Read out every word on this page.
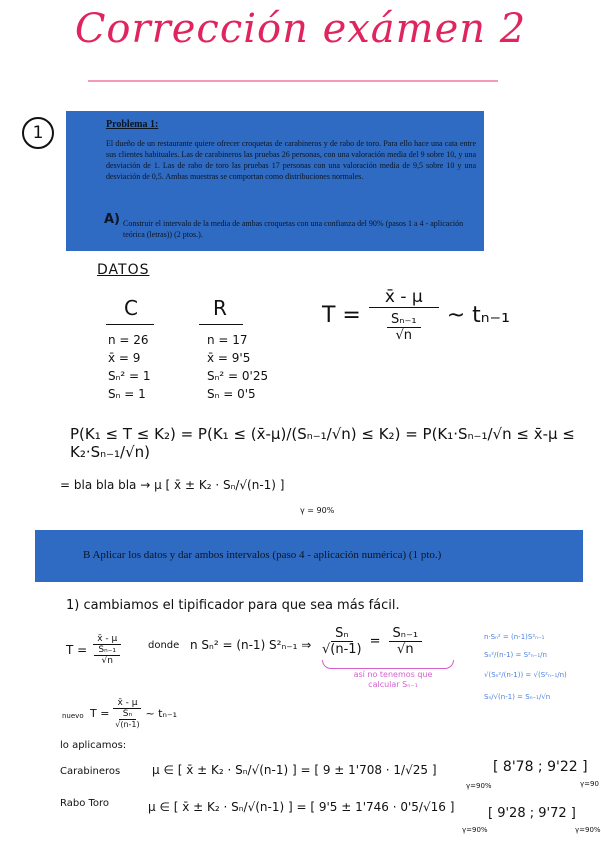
Corrección exámen 2
1	Problema 1:
El dueño de un restaurante quiere ofrecer croquetas de carabineros y de rabo de toro. Para ello hace una cata entre sus clientes habituales. Las de carabineros las pruebas 26 personas, con una valoración media del 9 sobre 10, y una desviación de 1. Las de rabo de toro las pruebas 17 personas con una valoración media de 9,5 sobre 10 y una desviación de 0,5. Ambas muestras se comportan como distribuciones normales.
A) Construir el intervalo de la media de ambas croquetas con una confianza del 90% (pasos 1 a 4 - aplicación teórica (letras)) (2 ptos.).
DATOS
C
n = 26
x̄ = 9
Sₙ² = 1
Sₙ = 1
R
n = 17
x̄ = 9'5
Sₙ² = 0'25
Sₙ = 0'5
$T = \frac{x̄ - \mu}{\frac{\text{Sₙ₋₁}}{√n}}$ ~ tₙ₋₁
P(K₁ ≤ T ≤ K₂) = P(K₁ ≤ (x̄-μ)/(Sₙ₋₁/√n) ≤ K₂) = P(K₁·Sₙ₋₁/√n ≤ x̄-μ ≤ K₂·Sₙ₋₁/√n)
= bla bla bla → μ [ x̄ ± K₂ · Sₙ/√(n-1) ]
γ = 90%
B Aplicar los datos y dar ambos intervalos (paso 4 - aplicación numérica) (1 pto.)
1) cambiamos el tipificador para que sea más fácil.
$T = \frac{x̄ - \mu}{\frac{\text{Sₙ₋₁}}{√n}}$	donde n Sₙ² = (n-1) S²ₙ₋₁ ⇒ $\frac{\text{Sₙ}}{√(n-1)} = \frac{\text{Sₙ₋₁}}{√n}$
así no tenemos que calcular Sₙ₋₁
n·Sₙ² = (n-1)S²ₙ₋₁
Sₙ²/(n-1) = S²ₙ₋₁/n
√(Sₙ²/(n-1)) = √(S²ₙ₋₁/n)
Sₙ/√(n-1) = Sₙ₋₁/√n
nuevo $T = \frac{x̄ - \mu}{\frac{\text{Sₙ}}{√(n-1)}}$ ~ tₙ₋₁
lo aplicamos:
Carabineros	μ ∈ [ x̄ ± K₂ · Sₙ/√(n-1) ] = [ 9 ± 1'708 · 1/√25 ]
γ=90%
[ 8'78 ; 9'22 ]
γ=90
Rabo Toro	μ ∈ [ x̄ ± K₂ · Sₙ/√(n-1) ] = [ 9'5 ± 1'746 · 0'5/√16 ]
γ=90%
[ 9'28 ; 9'72 ]
γ=90%
